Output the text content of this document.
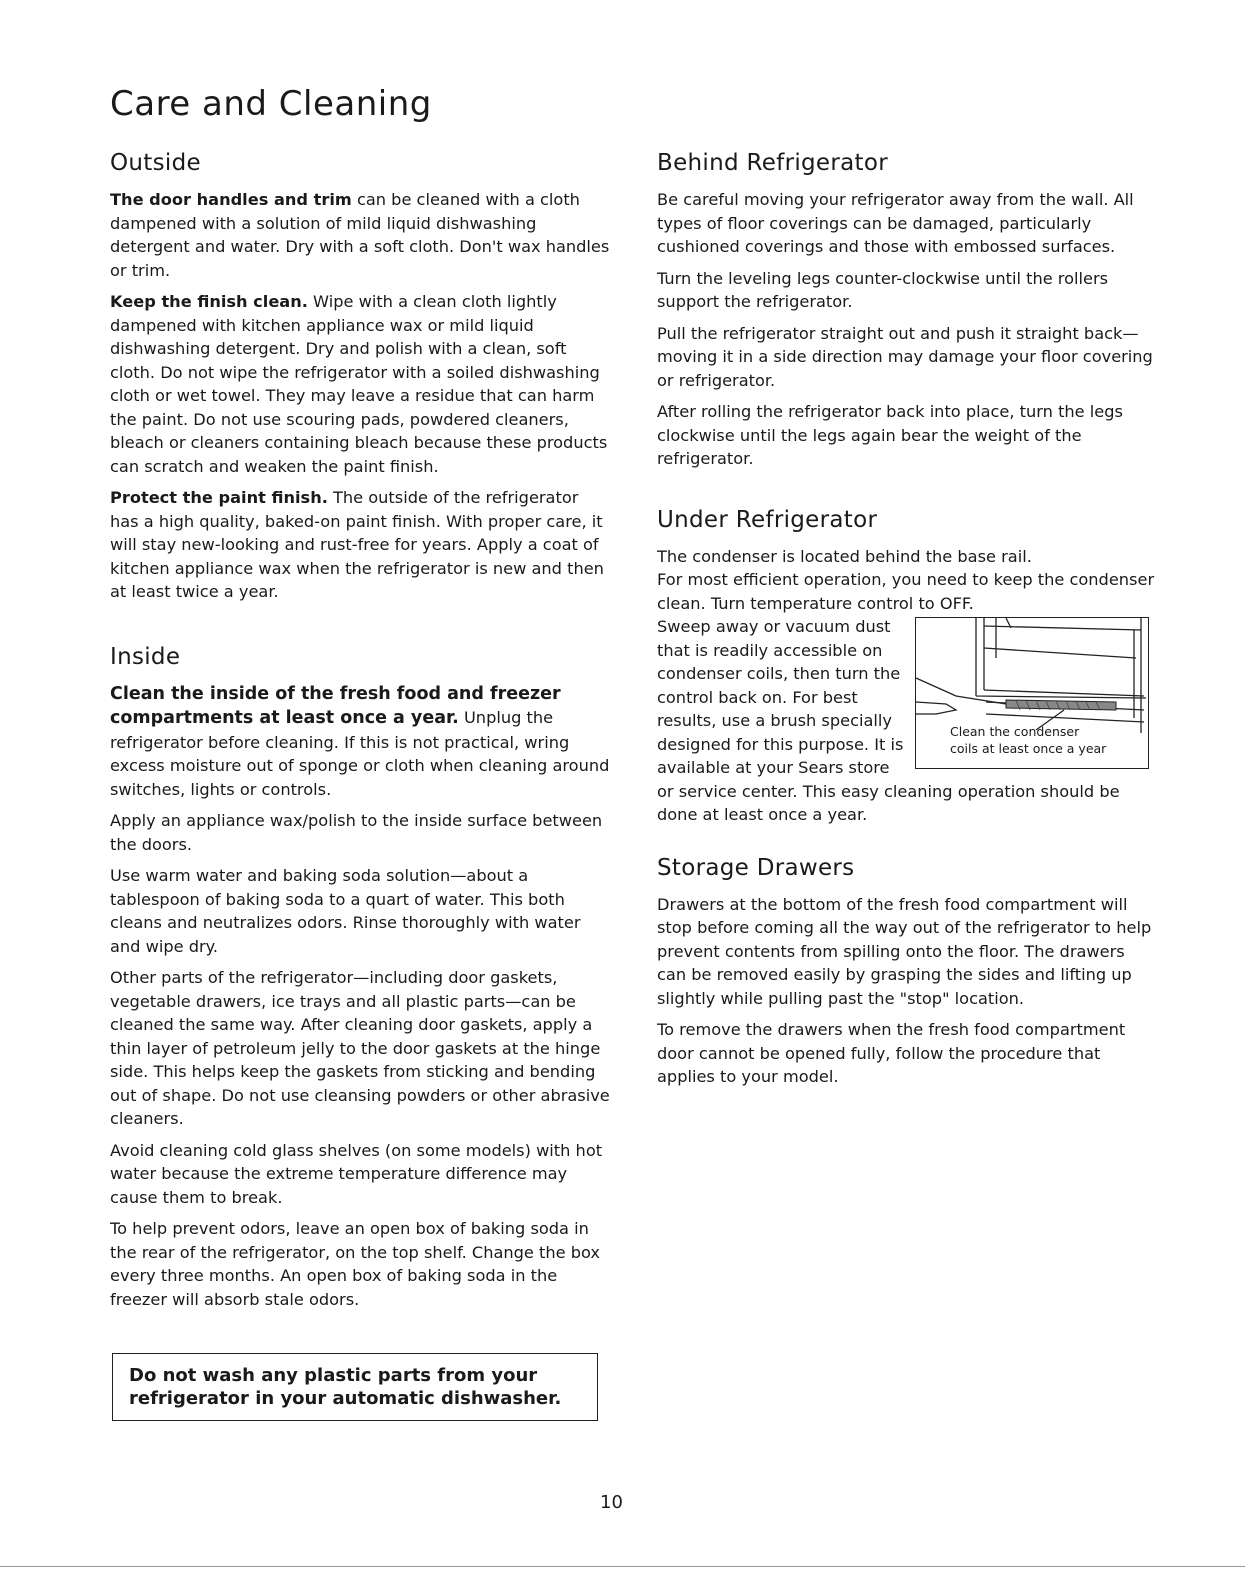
Care and Cleaning
Outside

The door handles and trim can be cleaned with a cloth dampened with a solution of mild liquid dishwashing detergent and water. Dry with a soft cloth. Don't wax handles or trim.

Keep the finish clean. Wipe with a clean cloth lightly dampened with kitchen appliance wax or mild liquid dishwashing detergent. Dry and polish with a clean, soft cloth. Do not wipe the refrigerator with a soiled dishwashing cloth or wet towel. They may leave a residue that can harm the paint. Do not use scouring pads, powdered cleaners, bleach or cleaners containing bleach because these products can scratch and weaken the paint finish.

Protect the paint finish. The outside of the refrigerator has a high quality, baked-on paint finish. With proper care, it will stay new-looking and rust-free for years. Apply a coat of kitchen appliance wax when the refrigerator is new and then at least twice a year.

Inside

Clean the inside of the fresh food and freezer compartments at least once a year. Unplug the refrigerator before cleaning. If this is not practical, wring excess moisture out of sponge or cloth when cleaning around switches, lights or controls.

Apply an appliance wax/polish to the inside surface between the doors.

Use warm water and baking soda solution—about a tablespoon of baking soda to a quart of water. This both cleans and neutralizes odors. Rinse thoroughly with water and wipe dry.

Other parts of the refrigerator—including door gaskets, vegetable drawers, ice trays and all plastic parts—can be cleaned the same way. After cleaning door gaskets, apply a thin layer of petroleum jelly to the door gaskets at the hinge side. This helps keep the gaskets from sticking and bending out of shape. Do not use cleansing powders or other abrasive cleaners.

Avoid cleaning cold glass shelves (on some models) with hot water because the extreme temperature difference may cause them to break.

To help prevent odors, leave an open box of baking soda in the rear of the refrigerator, on the top shelf. Change the box every three months. An open box of baking soda in the freezer will absorb stale odors.

Do not wash any plastic parts from your
refrigerator in your automatic dishwasher.
Behind Refrigerator

Be careful moving your refrigerator away from the wall. All types of floor coverings can be damaged, particularly cushioned coverings and those with embossed surfaces.

Turn the leveling legs counter-clockwise until the rollers support the refrigerator.

Pull the refrigerator straight out and push it straight back—moving it in a side direction may damage your floor covering or refrigerator.

After rolling the refrigerator back into place, turn the legs clockwise until the legs again bear the weight of the refrigerator.

Under Refrigerator

The condenser is located behind the base rail.

For most efficient operation, you need to keep the condenser clean. Turn temperature control to OFF.

Clean the condenser
coils at least once a year

Sweep away or vacuum dust that is readily accessible on condenser coils, then turn the control back on. For best results, use a brush specially designed for this purpose. It is available at your Sears store or service center. This easy cleaning operation should be done at least once a year.

Storage Drawers

Drawers at the bottom of the fresh food compartment will stop before coming all the way out of the refrigerator to help prevent contents from spilling onto the floor. The drawers can be removed easily by grasping the sides and lifting up slightly while pulling past the "stop" location.

To remove the drawers when the fresh food compartment door cannot be opened fully, follow the procedure that applies to your model.

10
